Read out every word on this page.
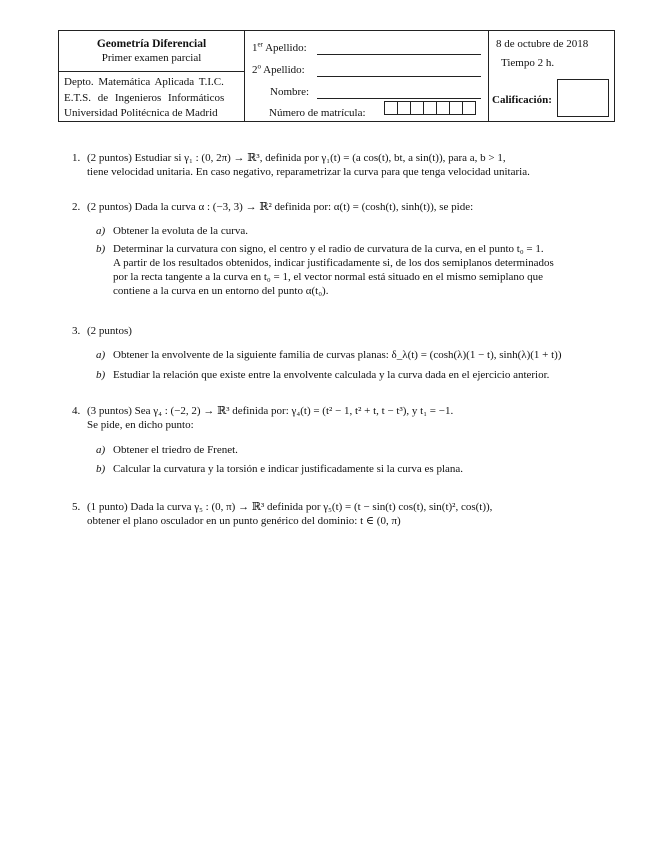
Geometría Diferencial
Primer examen parcial
Depto. Matemática Aplicada T.I.C.
E.T.S. de Ingenieros Informáticos
Universidad Politécnica de Madrid
1er Apellido:
2$^o$ Apellido:
Nombre:
Número de matrícula:
8 de octubre de 2018
Tiempo 2 h.
Calificación:
1. (2 puntos) Estudiar si γ₁ : (0, 2π) → ℝ³, definida por γ₁(t) = (a cos(t), bt, a sin(t)), para a, b > 1,
tiene velocidad unitaria. En caso negativo, reparametrizar la curva para que tenga velocidad unitaria.
2. (2 puntos) Dada la curva α : (−3, 3) → ℝ² definida por: α(t) = (cosh(t), sinh(t)), se pide:
a) Obtener la evoluta de la curva.
b) Determinar la curvatura con signo, el centro y el radio de curvatura de la curva, en el punto t₀ = 1.
A partir de los resultados obtenidos, indicar justificadamente si, de los dos semiplanos determinados
por la recta tangente a la curva en t₀ = 1, el vector normal está situado en el mismo semiplano que
contiene a la curva en un entorno del punto α(t₀).
3. (2 puntos)
a) Obtener la envolvente de la siguiente familia de curvas planas: δ_λ(t) = (cosh(λ)(1 − t), sinh(λ)(1 + t))
b) Estudiar la relación que existe entre la envolvente calculada y la curva dada en el ejercicio anterior.
4. (3 puntos) Sea γ₄ : (−2, 2) → ℝ³ definida por: γ₄(t) = (t² − 1, t² + t, t − t³), y t₁ = −1.
Se pide, en dicho punto:
a) Obtener el triedro de Frenet.
b) Calcular la curvatura y la torsión e indicar justificadamente si la curva es plana.
5. (1 punto) Dada la curva γ₅ : (0, π) → ℝ³ definida por γ₅(t) = (t − sin(t) cos(t), sin(t)², cos(t)),
obtener el plano osculador en un punto genérico del dominio: t ∈ (0, π)
